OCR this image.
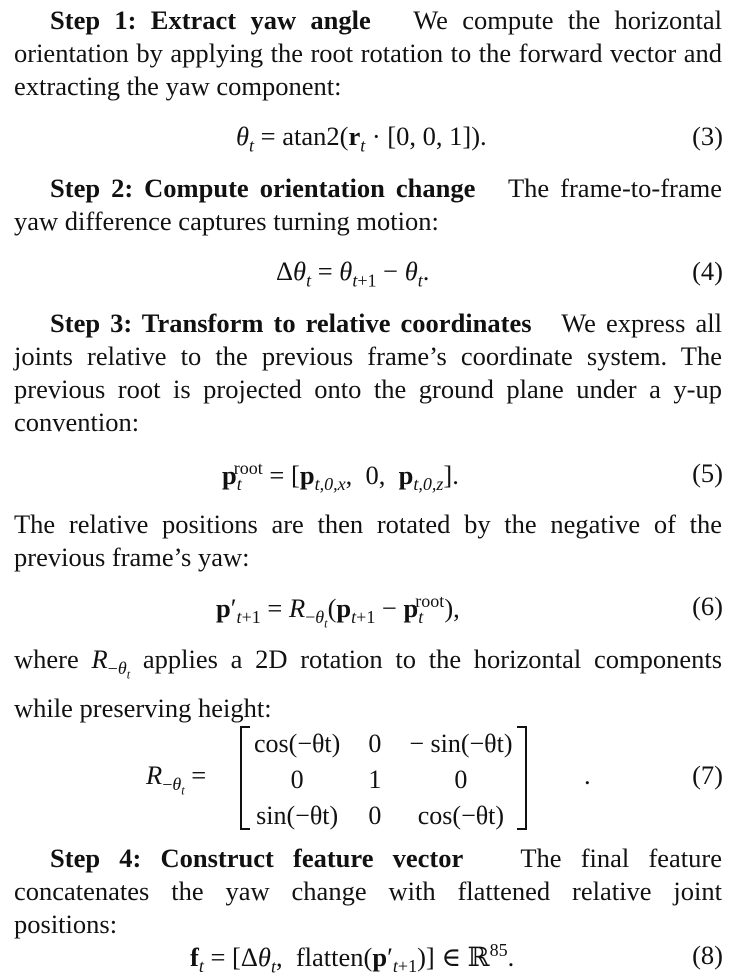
Step 1: Extract yaw angle We compute the horizontal orientation by applying the root rotation to the forward vector and extracting the yaw component:
$\theta_t = atan2(r_t \cdot [0$, 0, 1]).	(3)
Step 2: Compute orientation change The frame-to-frame yaw difference captures turning motion:
$\Delta\theta_t = \theta_{t+1} - \theta_t$.	(4)
Step 3: Transform to relative coordinates We express all joints relative to the previous frame’s coordinate system. The previous root is projected onto the ground plane under a y-up convention:
$p_t^{root} = [p_{t,0,x}$,  0,  $p_{t,0,z}$].	(5)
The relative positions are then rotated by the negative of the previous frame’s yaw:
$p'_{t+1} = R_{-\theta_t}(p_{t+1} - p_t^{root})$,	(6)
where $R_{-\theta_t}$ applies a 2D rotation to the horizontal components while preserving height:
$R_{-\theta_t}$ =
cos(−θt)	0	− sin(−θt)
0	1	0
sin(−θt)	0	cos(−θt)
.	(7)
Step 4: Construct feature vector The final feature concatenates the yaw change with flattened relative joint positions:
$f_t = [\Delta\theta_t$,  $flatten(p'_{t+1})$] ∈ ℝ$^{85}$.	(8)
